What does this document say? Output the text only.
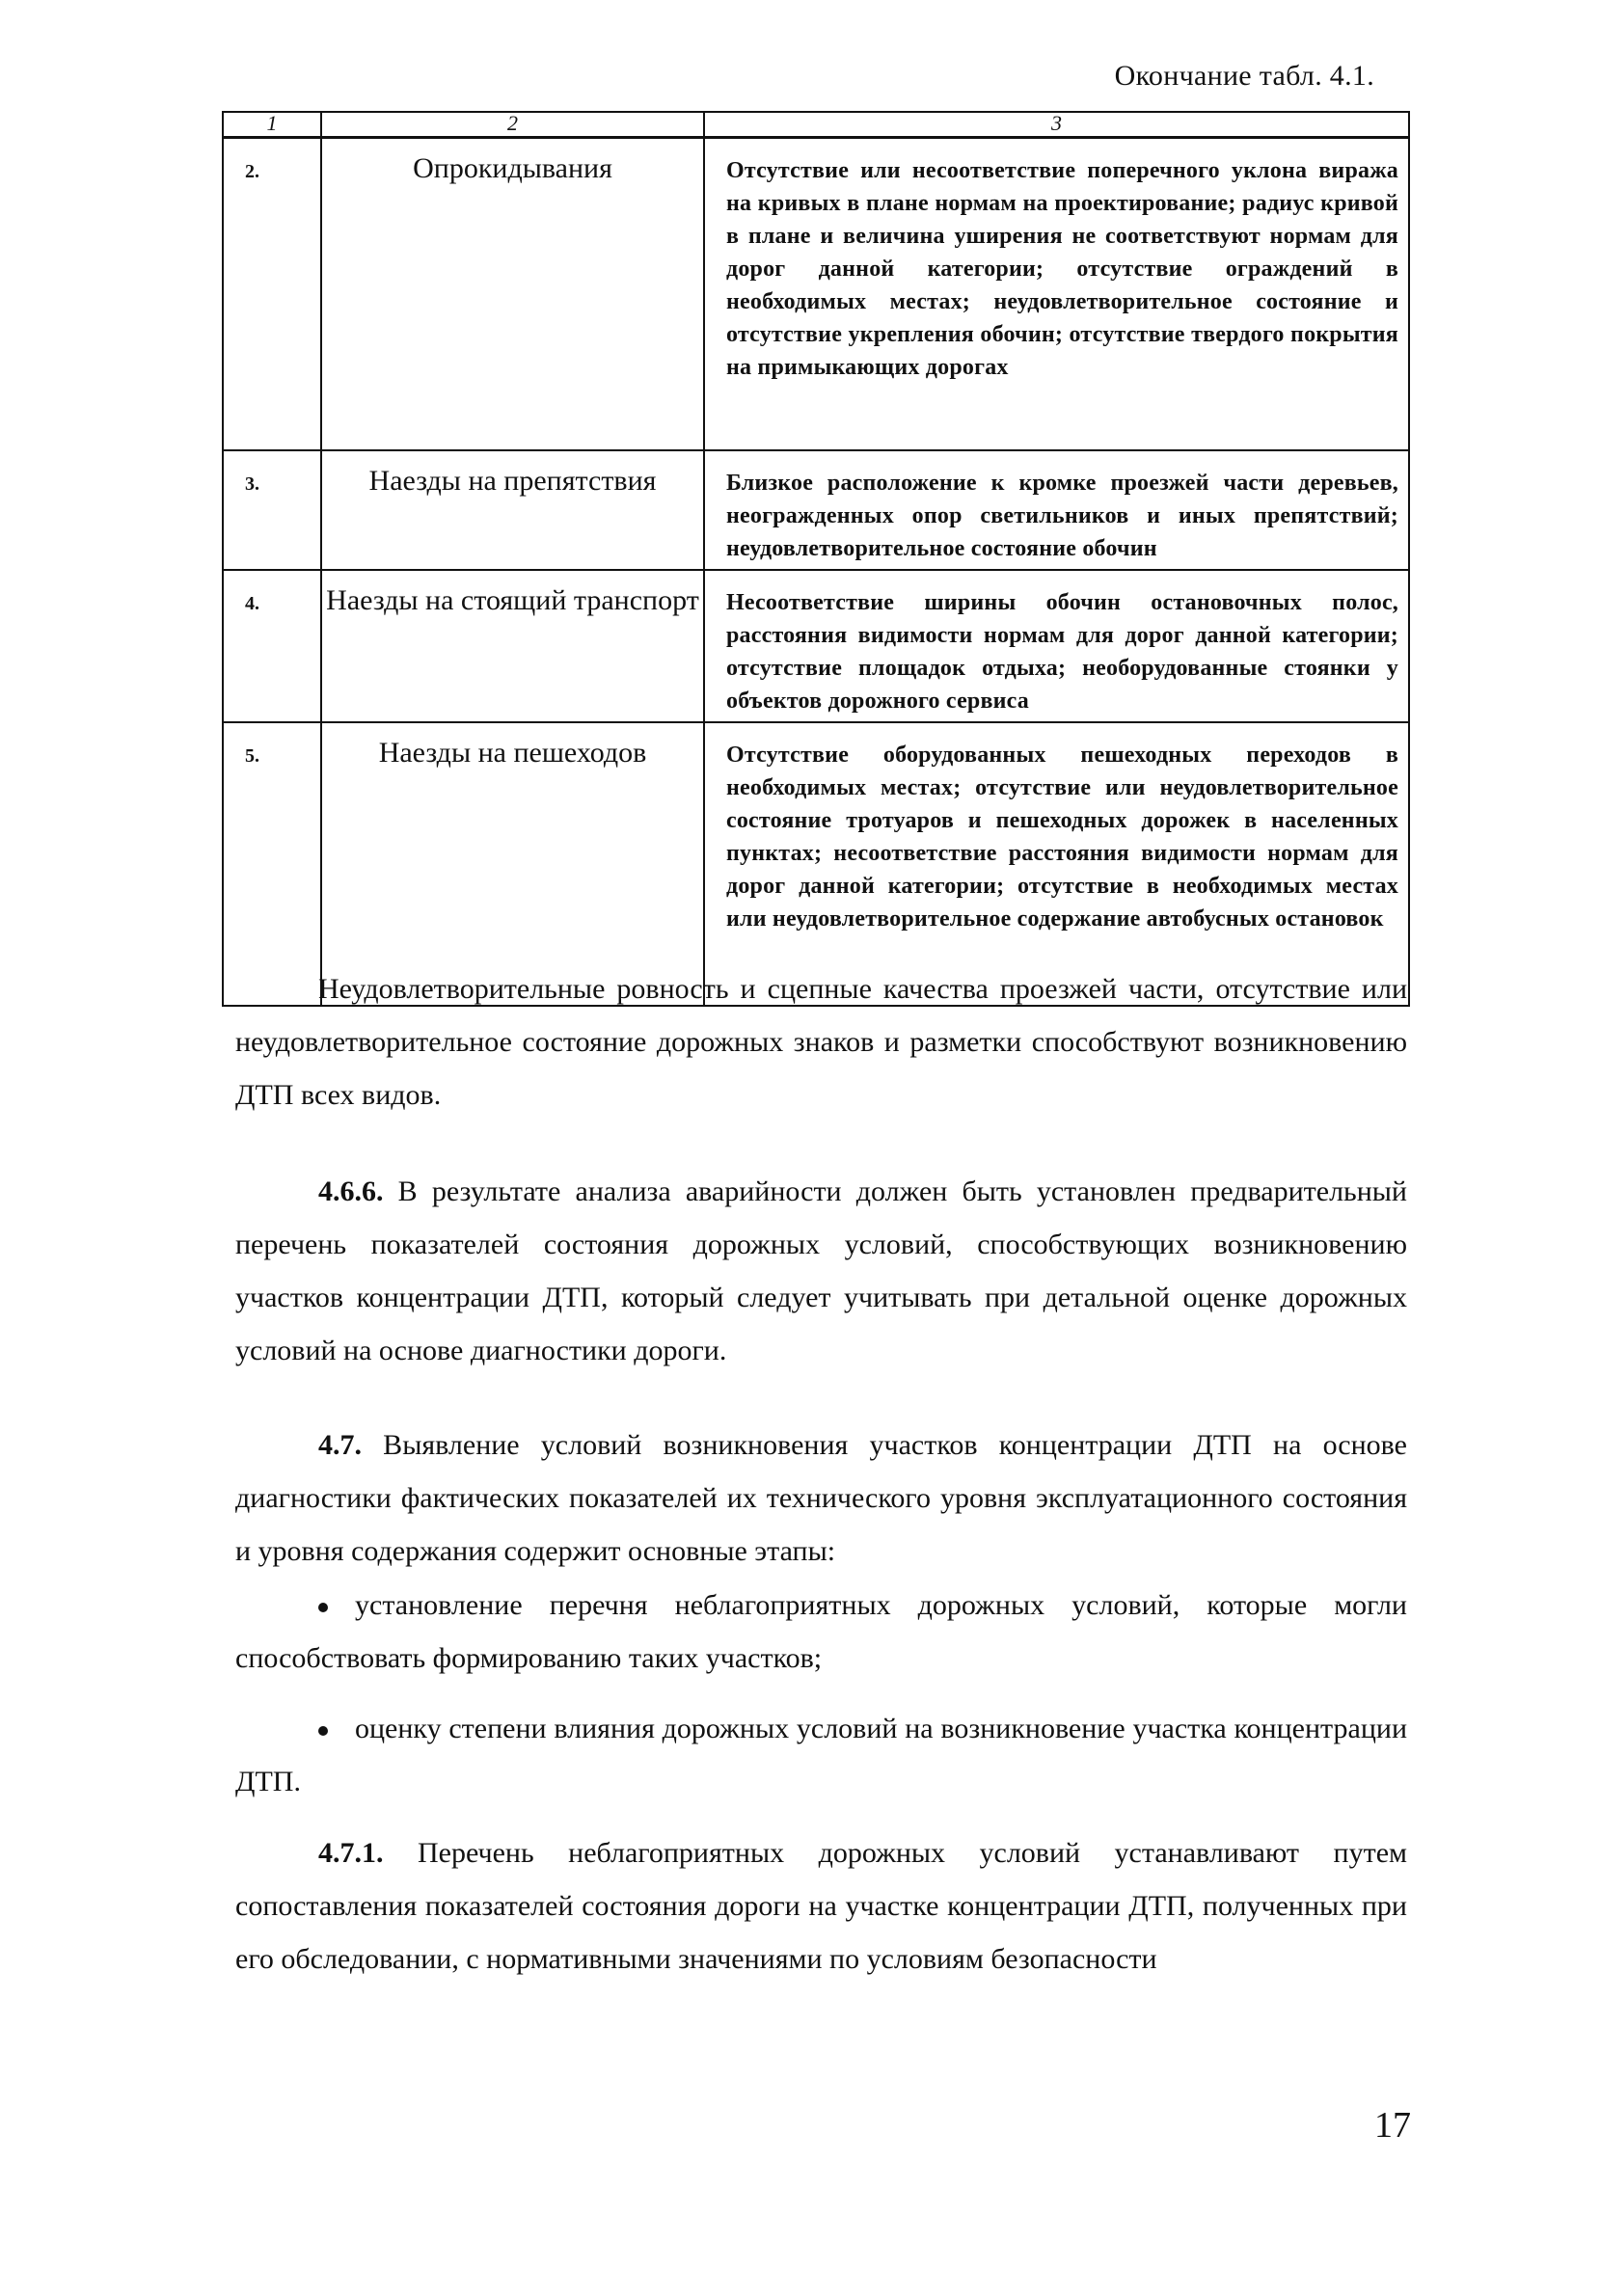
Окончание табл. 4.1.
1	2	3
2.	Опрокидывания	Отсутствие или несоответствие поперечного уклона виража на кривых в плане нормам на проектирование; радиус кривой в плане и величина уширения не соответствуют нормам для дорог данной категории; отсутствие ограждений в необходимых местах; неудовлетворительное состояние и отсутствие укрепления обочин; отсутствие твердого покрытия на примыкающих дорогах
3.	Наезды на препятствия	Близкое расположение к кромке проезжей части деревьев, неогражденных опор светильников и иных препятствий; неудовлетворительное состояние обочин
4.	Наезды на стоящий транспорт	Несоответствие ширины обочин остановочных полос, расстояния видимости нормам для дорог данной категории; отсутствие площадок отдыха; необорудованные стоянки у объектов дорожного сервиса
5.	Наезды на пешеходов	Отсутствие оборудованных пешеходных переходов в необходимых местах; отсутствие или неудовлетворительное состояние тротуаров и пешеходных дорожек в населенных пунктах; несоответствие расстояния видимости нормам для дорог данной категории; отсутствие в необходимых местах или неудовлетворительное содержание автобусных остановок

Неудовлетворительные ровность и сцепные качества проезжей части, отсутствие или неудовлетворительное состояние дорожных знаков и разметки способствуют возникновению ДТП всех видов.

4.6.6. В результате анализа аварийности должен быть установлен предварительный перечень показателей состояния дорожных условий, способствующих возникновению участков концентрации ДТП, который следует учитывать при детальной оценке дорожных условий на основе диагностики дороги.

4.7. Выявление условий возникновения участков концентрации ДТП на основе диагностики фактических показателей их технического уровня эксплуатационного состояния и уровня содержания содержит основные этапы:

установление перечня неблагоприятных дорожных условий, которые могли способствовать формированию таких участков;
оценку степени влияния дорожных условий на возникновение участка концентрации ДТП.

4.7.1. Перечень неблагоприятных дорожных условий устанавливают путем сопоставления показателей состояния дороги на участке концентрации ДТП, полученных при его обследовании, с нормативными значениями по условиям безопасности

17
